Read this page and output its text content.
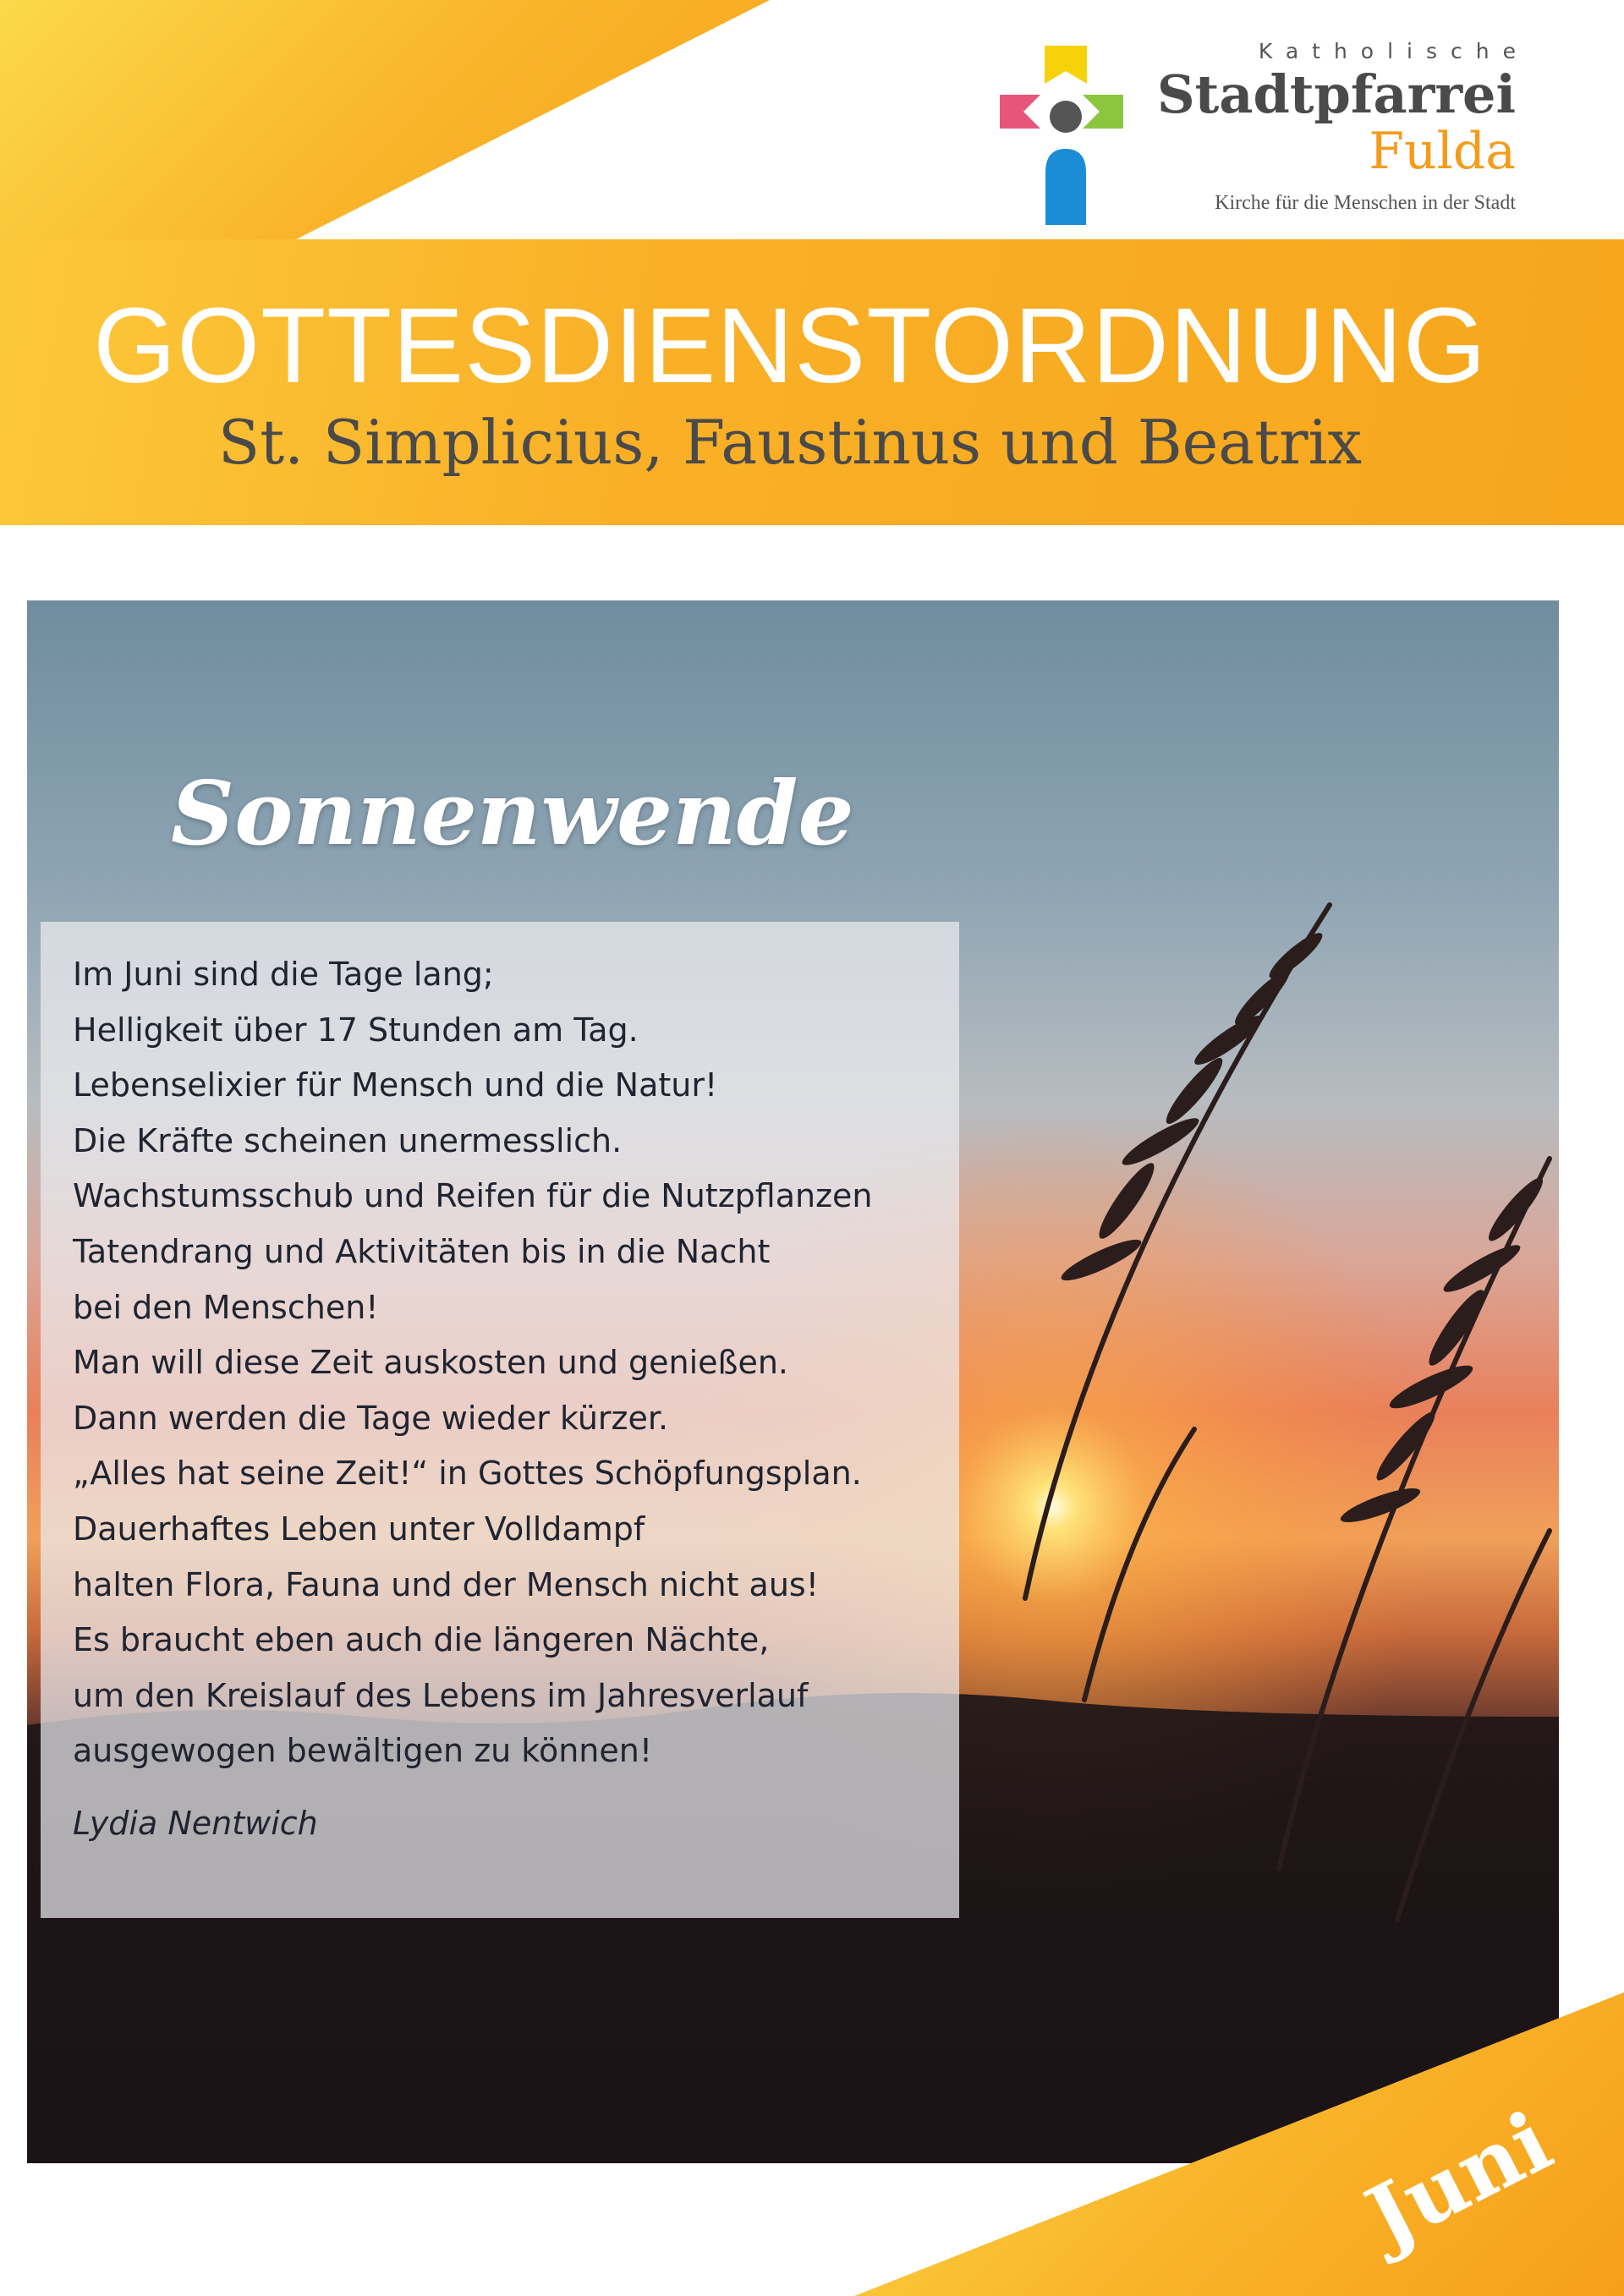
Katholische
Stadtpfarrei
Fulda
Kirche für die Menschen in der Stadt
GOTTESDIENSTORDNUNG
St. Simplicius, Faustinus und Beatrix
Sonnenwende
Im Juni sind die Tage lang;
Helligkeit über 17 Stunden am Tag.
Lebenselixier für Mensch und die Natur!
Die Kräfte scheinen unermesslich.
Wachstumsschub und Reifen für die Nutzpflanzen
Tatendrang und Aktivitäten bis in die Nacht
bei den Menschen!
Man will diese Zeit auskosten und genießen.
Dann werden die Tage wieder kürzer.
„Alles hat seine Zeit!“ in Gottes Schöpfungsplan.
Dauerhaftes Leben unter Volldampf
halten Flora, Fauna und der Mensch nicht aus!
Es braucht eben auch die längeren Nächte,
um den Kreislauf des Lebens im Jahresverlauf
ausgewogen bewältigen zu können!
Lydia Nentwich
Juni
